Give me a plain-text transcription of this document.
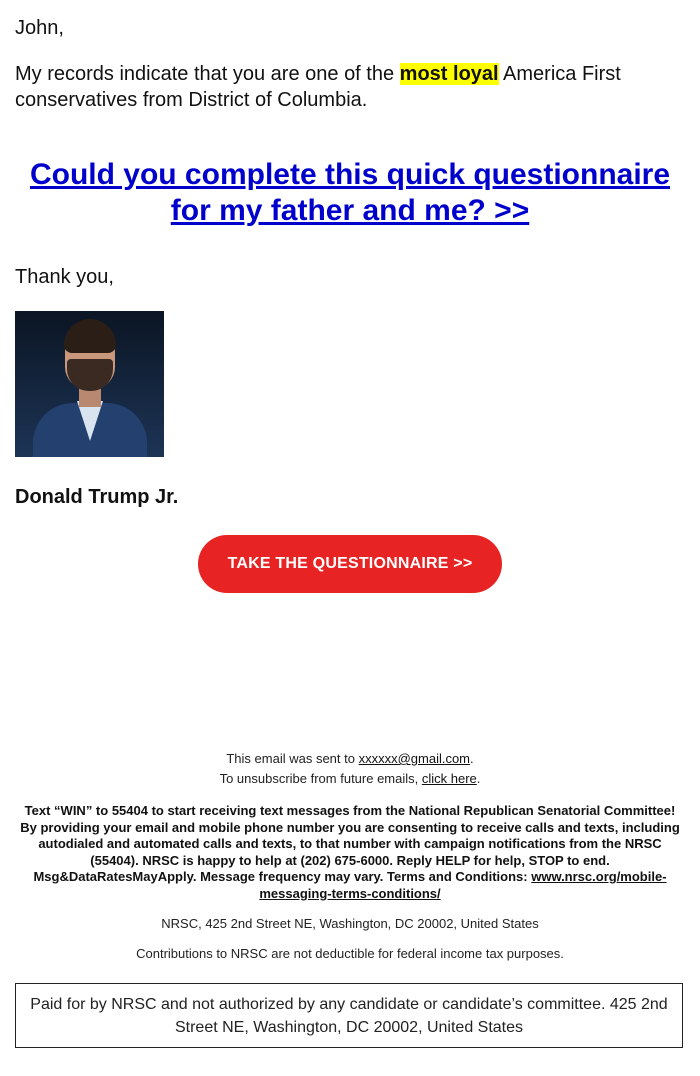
John,

My records indicate that you are one of the most loyal America First conservatives from District of Columbia.

Could you complete this quick questionnaire for my father and me? >>

Thank you,

Donald Trump Jr.

TAKE THE QUESTIONNAIRE >>

This email was sent to xxxxxx@gmail.com.

To unsubscribe from future emails, click here.

Text “WIN” to 55404 to start receiving text messages from the National Republican Senatorial Committee! By providing your email and mobile phone number you are consenting to receive calls and texts, including autodialed and automated calls and texts, to that number with campaign notifications from the NRSC (55404). NRSC is happy to help at (202) 675-6000. Reply HELP for help, STOP to end. Msg&DataRatesMayApply. Message frequency may vary. Terms and Conditions: www.nrsc.org/mobile-messaging-terms-conditions/

NRSC, 425 2nd Street NE, Washington, DC 20002, United States

Contributions to NRSC are not deductible for federal income tax purposes.

Paid for by NRSC and not authorized by any candidate or candidate’s committee. 425 2nd Street NE, Washington, DC 20002, United States
